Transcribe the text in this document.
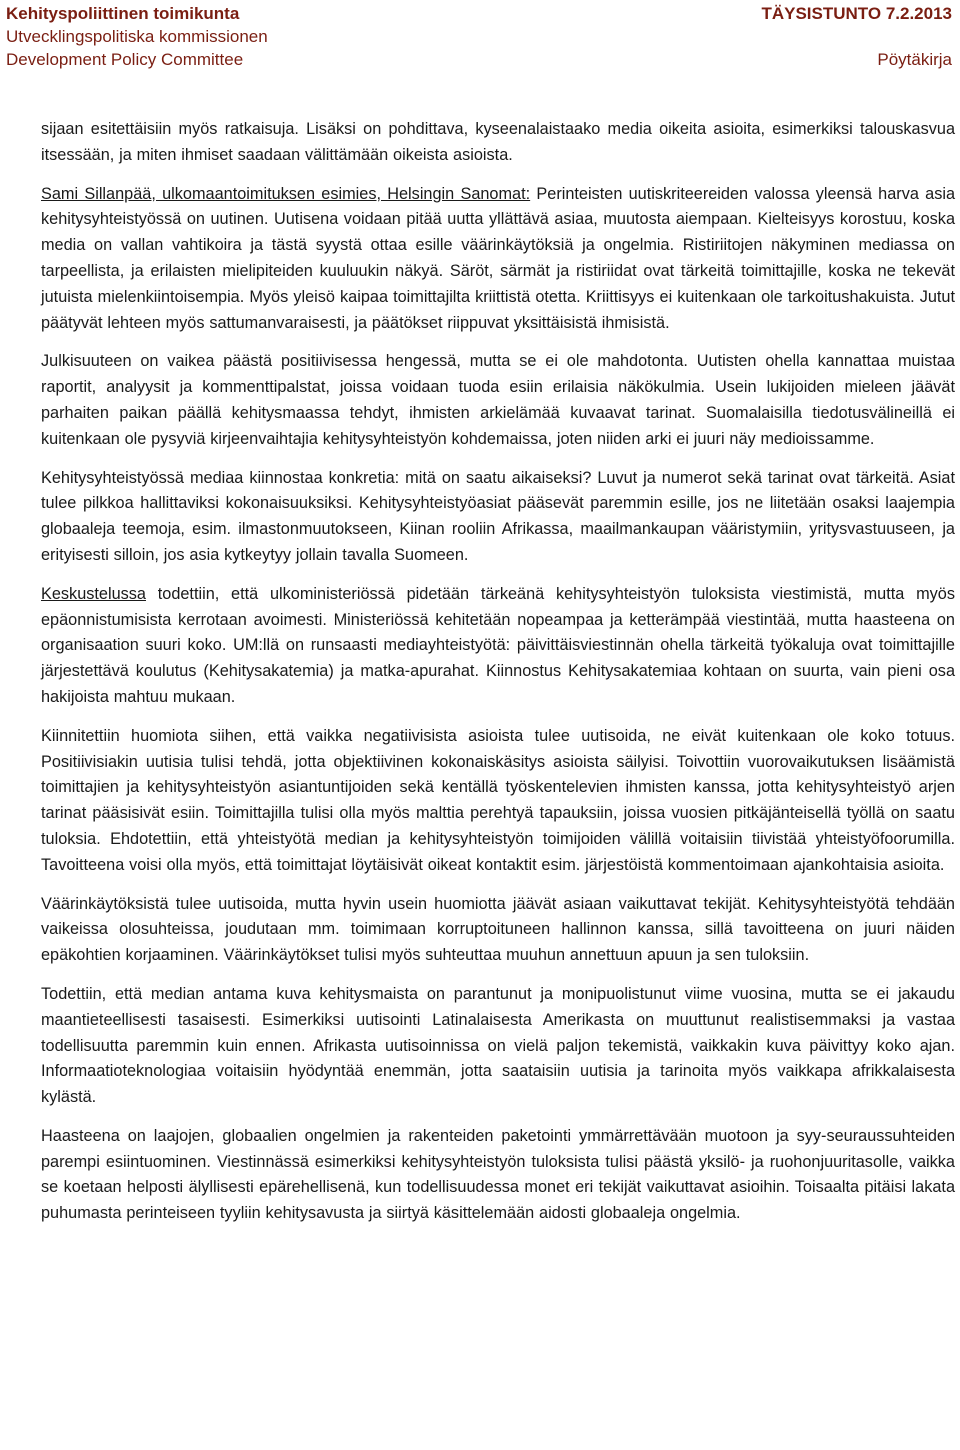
Kehityspoliittinen toimikunta
Utvecklingspolitiska kommissionen
Development Policy Committee
TÄYSISTUNTO 7.2.2013
Pöytäkirja

sijaan esitettäisiin myös ratkaisuja. Lisäksi on pohdittava, kyseenalaistaako media oikeita asioita, esimerkiksi talouskasvua itsessään, ja miten ihmiset saadaan välittämään oikeista asioista.

Sami Sillanpää, ulkomaantoimituksen esimies, Helsingin Sanomat: Perinteisten uutiskriteereiden valossa yleensä harva asia kehitysyhteistyössä on uutinen. Uutisena voidaan pitää uutta yllättävä asiaa, muutosta aiempaan. Kielteisyys korostuu, koska media on vallan vahtikoira ja tästä syystä ottaa esille väärinkäytöksiä ja ongelmia. Ristiriitojen näkyminen mediassa on tarpeellista, ja erilaisten mielipiteiden kuuluukin näkyä. Säröt, särmät ja ristiriidat ovat tärkeitä toimittajille, koska ne tekevät jutuista mielenkiintoisempia. Myös yleisö kaipaa toimittajilta kriittistä otetta. Kriittisyys ei kuitenkaan ole tarkoitushakuista. Jutut päätyvät lehteen myös sattumanvaraisesti, ja päätökset riippuvat yksittäisistä ihmisistä.

Julkisuuteen on vaikea päästä positiivisessa hengessä, mutta se ei ole mahdotonta. Uutisten ohella kannattaa muistaa raportit, analyysit ja kommenttipalstat, joissa voidaan tuoda esiin erilaisia näkökulmia. Usein lukijoiden mieleen jäävät parhaiten paikan päällä kehitysmaassa tehdyt, ihmisten arkielämää kuvaavat tarinat. Suomalaisilla tiedotusvälineillä ei kuitenkaan ole pysyviä kirjeenvaihtajia kehitysyhteistyön kohdemaissa, joten niiden arki ei juuri näy medioissamme.

Kehitysyhteistyössä mediaa kiinnostaa konkretia: mitä on saatu aikaiseksi? Luvut ja numerot sekä tarinat ovat tärkeitä. Asiat tulee pilkkoa hallittaviksi kokonaisuuksiksi. Kehitysyhteistyöasiat pääsevät paremmin esille, jos ne liitetään osaksi laajempia globaaleja teemoja, esim. ilmastonmuutokseen, Kiinan rooliin Afrikassa, maailmankaupan vääristymiin, yritysvastuuseen, ja erityisesti silloin, jos asia kytkeytyy jollain tavalla Suomeen.

Keskustelussa todettiin, että ulkoministeriössä pidetään tärkeänä kehitysyhteistyön tuloksista viestimistä, mutta myös epäonnistumisista kerrotaan avoimesti. Ministeriössä kehitetään nopeampaa ja ketterämpää viestintää, mutta haasteena on organisaation suuri koko. UM:llä on runsaasti mediayhteistyötä: päivittäisviestinnän ohella tärkeitä työkaluja ovat toimittajille järjestettävä koulutus (Kehitysakatemia) ja matka-apurahat. Kiinnostus Kehitysakatemiaa kohtaan on suurta, vain pieni osa hakijoista mahtuu mukaan.

Kiinnitettiin huomiota siihen, että vaikka negatiivisista asioista tulee uutisoida, ne eivät kuitenkaan ole koko totuus. Positiivisiakin uutisia tulisi tehdä, jotta objektiivinen kokonaiskäsitys asioista säilyisi. Toivottiin vuorovaikutuksen lisäämistä toimittajien ja kehitysyhteistyön asiantuntijoiden sekä kentällä työskentelevien ihmisten kanssa, jotta kehitysyhteistyö arjen tarinat pääsisivät esiin. Toimittajilla tulisi olla myös malttia perehtyä tapauksiin, joissa vuosien pitkäjänteisellä työllä on saatu tuloksia. Ehdotettiin, että yhteistyötä median ja kehitysyhteistyön toimijoiden välillä voitaisiin tiivistää yhteistyöfoorumilla. Tavoitteena voisi olla myös, että toimittajat löytäisivät oikeat kontaktit esim. järjestöistä kommentoimaan ajankohtaisia asioita.

Väärinkäytöksistä tulee uutisoida, mutta hyvin usein huomiotta jäävät asiaan vaikuttavat tekijät. Kehitysyhteistyötä tehdään vaikeissa olosuhteissa, joudutaan mm. toimimaan korruptoituneen hallinnon kanssa, sillä tavoitteena on juuri näiden epäkohtien korjaaminen. Väärinkäytökset tulisi myös suhteuttaa muuhun annettuun apuun ja sen tuloksiin.

Todettiin, että median antama kuva kehitysmaista on parantunut ja monipuolistunut viime vuosina, mutta se ei jakaudu maantieteellisesti tasaisesti. Esimerkiksi uutisointi Latinalaisesta Amerikasta on muuttunut realistisemmaksi ja vastaa todellisuutta paremmin kuin ennen. Afrikasta uutisoinnissa on vielä paljon tekemistä, vaikkakin kuva päivittyy koko ajan. Informaatioteknologiaa voitaisiin hyödyntää enemmän, jotta saataisiin uutisia ja tarinoita myös vaikkapa afrikkalaisesta kylästä.

Haasteena on laajojen, globaalien ongelmien ja rakenteiden paketointi ymmärrettävään muotoon ja syy-seuraussuhteiden parempi esiintuominen. Viestinnässä esimerkiksi kehitysyhteistyön tuloksista tulisi päästä yksilö- ja ruohonjuuritasolle, vaikka se koetaan helposti älyllisesti epärehellisenä, kun todellisuudessa monet eri tekijät vaikuttavat asioihin. Toisaalta pitäisi lakata puhumasta perinteiseen tyyliin kehitysavusta ja siirtyä käsittelemään aidosti globaaleja ongelmia.
